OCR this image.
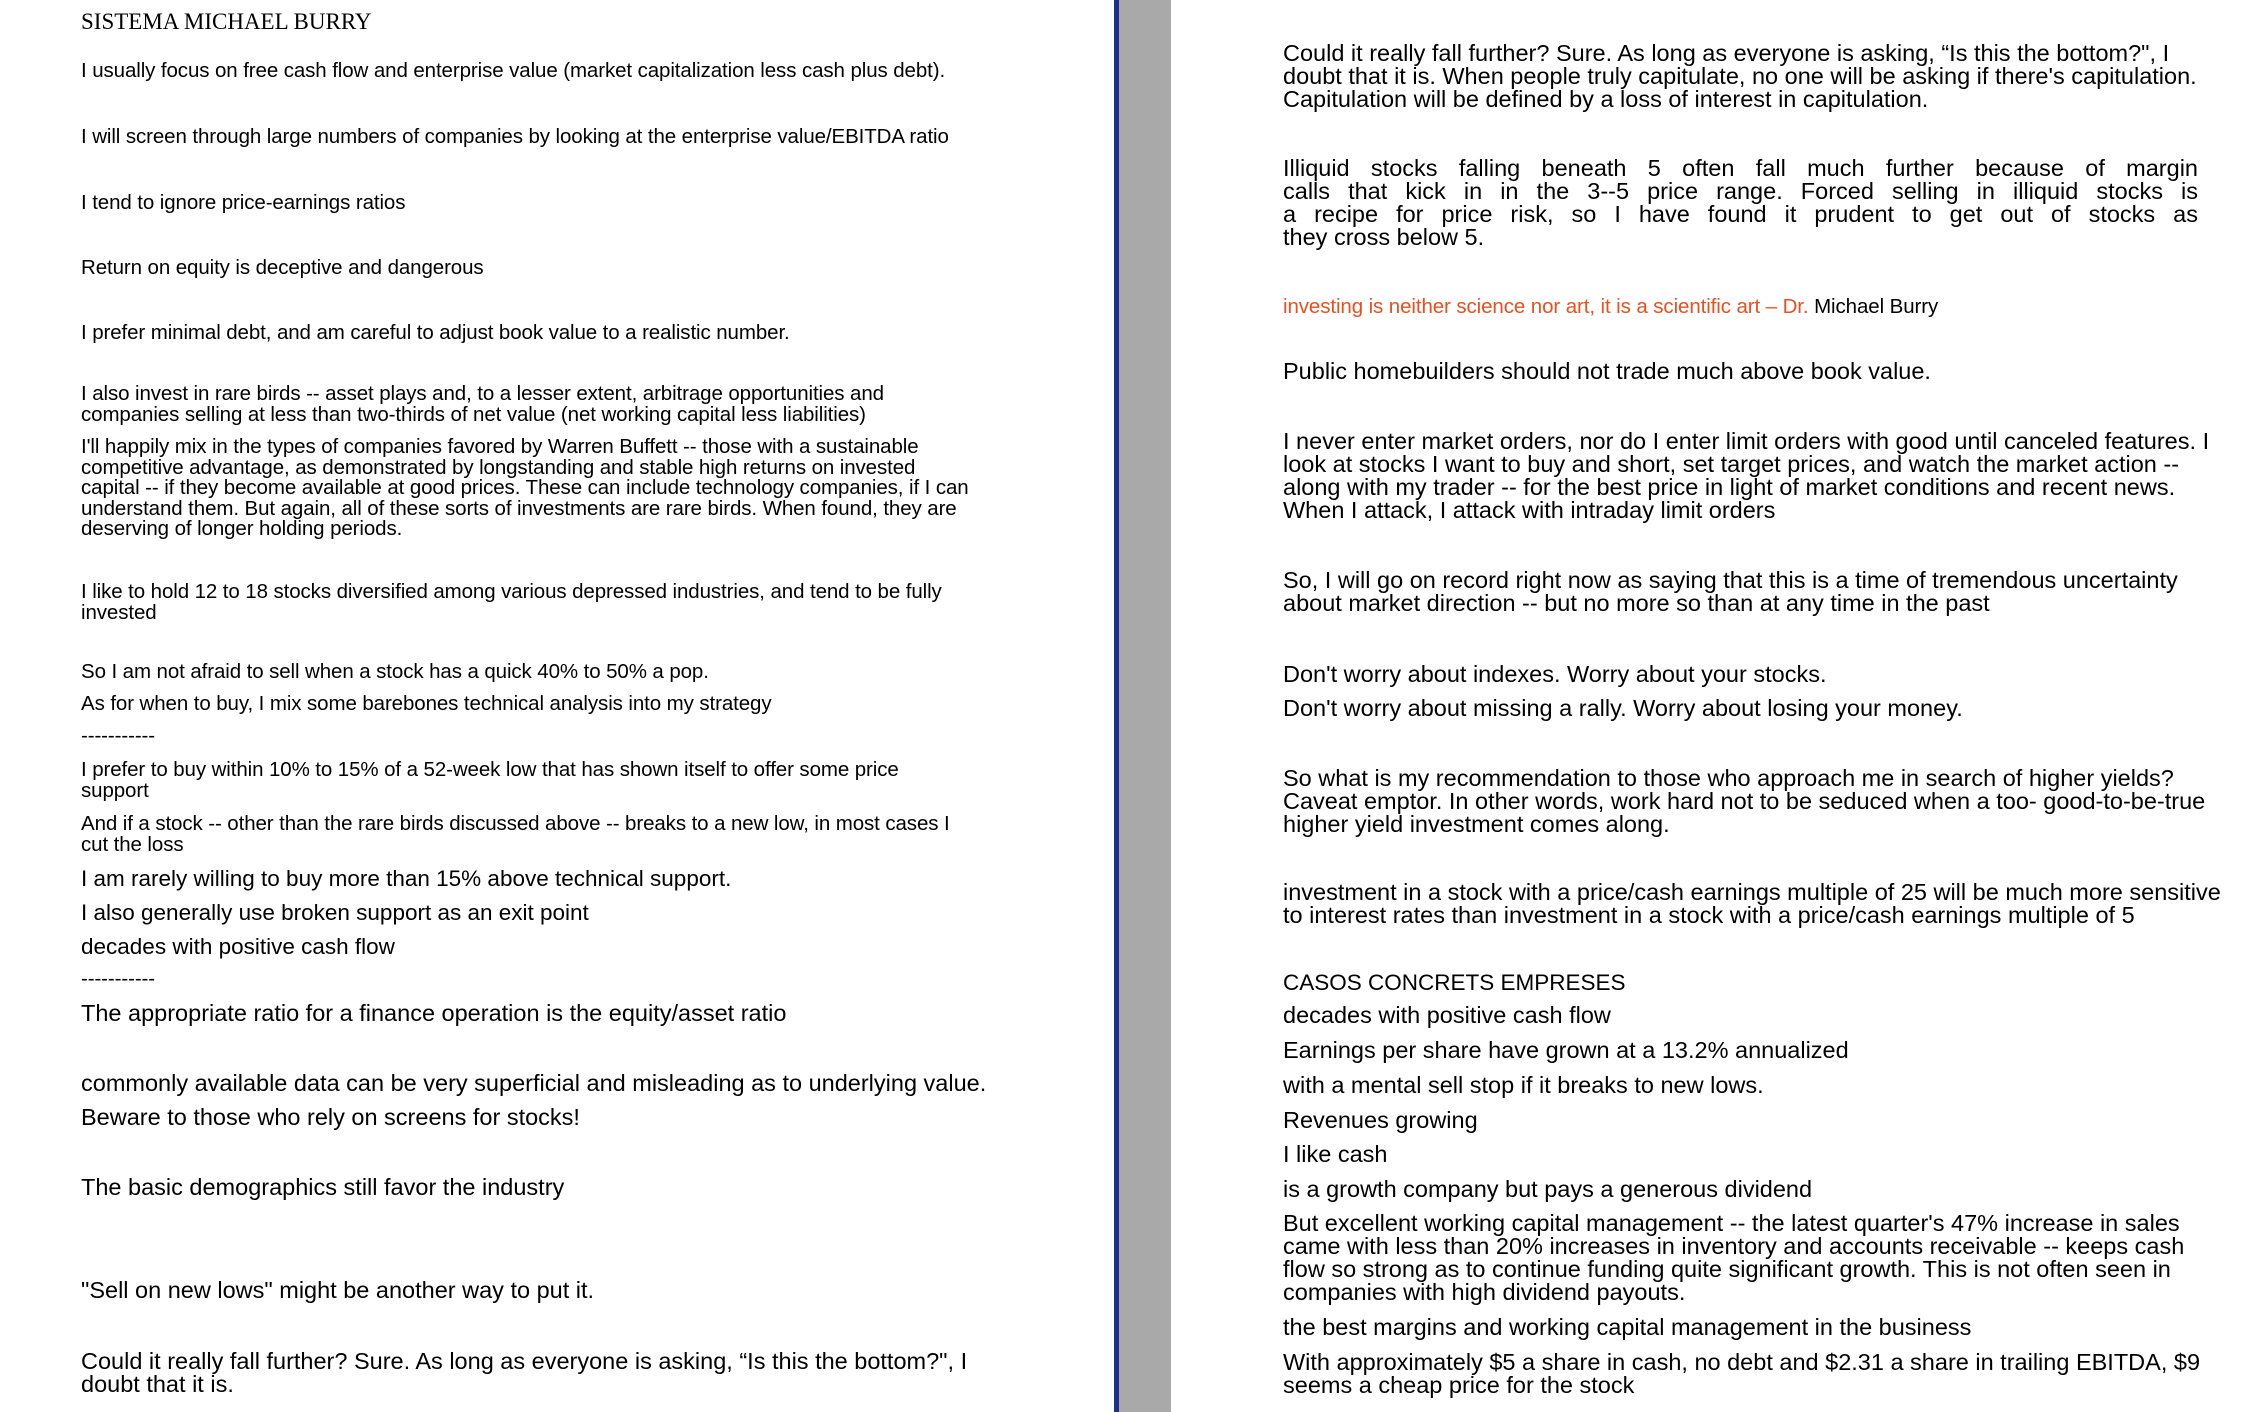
SISTEMA MICHAEL BURRY
I usually focus on free cash flow and enterprise value (market capitalization less cash plus debt).
I will screen through large numbers of companies by looking at the enterprise value/EBITDA ratio
I tend to ignore price-earnings ratios
Return on equity is deceptive and dangerous
I prefer minimal debt, and am careful to adjust book value to a realistic number.
I also invest in rare birds -- asset plays and, to a lesser extent, arbitrage opportunities and
companies selling at less than two-thirds of net value (net working capital less liabilities)
I'll happily mix in the types of companies favored by Warren Buffett -- those with a sustainable
competitive advantage, as demonstrated by longstanding and stable high returns on invested
capital -- if they become available at good prices. These can include technology companies, if I can
understand them. But again, all of these sorts of investments are rare birds. When found, they are
deserving of longer holding periods.
I like to hold 12 to 18 stocks diversified among various depressed industries, and tend to be fully
invested
So I am not afraid to sell when a stock has a quick 40% to 50% a pop.
As for when to buy, I mix some barebones technical analysis into my strategy
-----------
I prefer to buy within 10% to 15% of a 52-week low that has shown itself to offer some price
support
And if a stock -- other than the rare birds discussed above -- breaks to a new low, in most cases I
cut the loss
I am rarely willing to buy more than 15% above technical support.
I also generally use broken support as an exit point
decades with positive cash flow
-----------
The appropriate ratio for a finance operation is the equity/asset ratio
commonly available data can be very superficial and misleading as to underlying value.
Beware to those who rely on screens for stocks!
The basic demographics still favor the industry
"Sell on new lows" might be another way to put it.
Could it really fall further? Sure. As long as everyone is asking, “Is this the bottom?", I
doubt that it is.
Could it really fall further? Sure. As long as everyone is asking, “Is this the bottom?", I
doubt that it is. When people truly capitulate, no one will be asking if there's capitulation.
Capitulation will be defined by a loss of interest in capitulation.
Illiquid stocks falling beneath 5 often fall much further because of margin
calls that kick in in the 3--5 price range. Forced selling in illiquid stocks is
a recipe for price risk, so I have found it prudent to get out of stocks as
they cross below 5.
investing is neither science nor art, it is a scientific art – Dr. Michael Burry
Public homebuilders should not trade much above book value.
I never enter market orders, nor do I enter limit orders with good until canceled features. I
look at stocks I want to buy and short, set target prices, and watch the market action --
along with my trader -- for the best price in light of market conditions and recent news.
When I attack, I attack with intraday limit orders
So, I will go on record right now as saying that this is a time of tremendous uncertainty
about market direction -- but no more so than at any time in the past
Don't worry about indexes. Worry about your stocks.
Don't worry about missing a rally. Worry about losing your money.
So what is my recommendation to those who approach me in search of higher yields?
Caveat emptor. In other words, work hard not to be seduced when a too- good-to-be-true
higher yield investment comes along.
investment in a stock with a price/cash earnings multiple of 25 will be much more sensitive
to interest rates than investment in a stock with a price/cash earnings multiple of 5
CASOS CONCRETS EMPRESES
decades with positive cash flow
Earnings per share have grown at a 13.2% annualized
with a mental sell stop if it breaks to new lows.
Revenues growing
I like cash
is a growth company but pays a generous dividend
But excellent working capital management -- the latest quarter's 47% increase in sales
came with less than 20% increases in inventory and accounts receivable -- keeps cash
flow so strong as to continue funding quite significant growth. This is not often seen in
companies with high dividend payouts.
the best margins and working capital management in the business
With approximately $5 a share in cash, no debt and $2.31 a share in trailing EBITDA, $9
seems a cheap price for the stock
